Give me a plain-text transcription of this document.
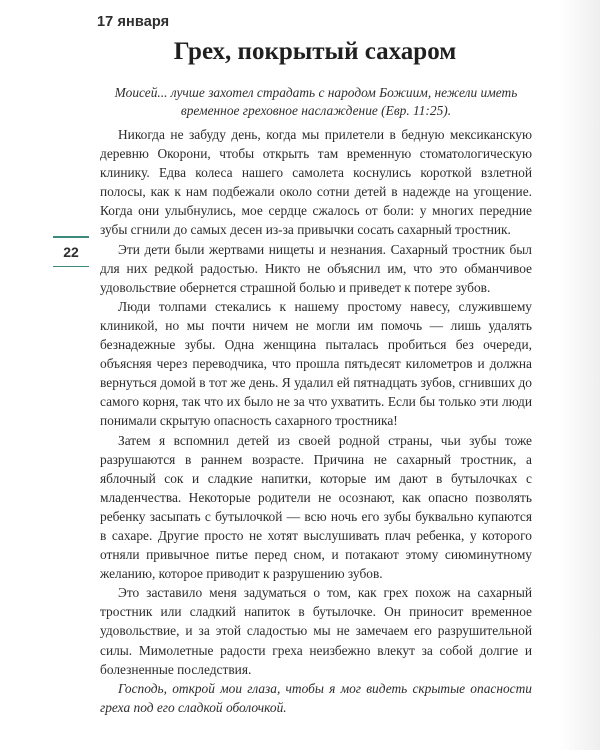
17 января
Грех, покрытый сахаром
Моисей... лучше захотел страдать с народом Божиим, нежели иметь
временное греховное наслаждение (Евр. 11:25).

Никогда не забуду день, когда мы прилетели в бедную мексиканскую деревню Окорони, чтобы открыть там временную стоматологическую клинику. Едва колеса нашего самолета коснулись короткой взлетной полосы, как к нам подбежали около сотни детей в надежде на угощение. Когда они улыбнулись, мое сердце сжалось от боли: у многих передние зубы сгнили до самых десен из-за привычки сосать сахарный тростник.

Эти дети были жертвами нищеты и незнания. Сахарный тростник был для них редкой радостью. Никто не объяснил им, что это обманчивое удовольствие обернется страшной болью и приведет к потере зубов.

Люди толпами стекались к нашему простому навесу, служившему клиникой, но мы почти ничем не могли им помочь — лишь удалять безнадежные зубы. Одна женщина пыталась пробиться без очереди, объясняя через переводчика, что прошла пятьдесят километров и должна вернуться домой в тот же день. Я удалил ей пятнадцать зубов, сгнивших до самого корня, так что их было не за что ухватить. Если бы только эти люди понимали скрытую опасность сахарного тростника!

Затем я вспомнил детей из своей родной страны, чьи зубы тоже разрушаются в раннем возрасте. Причина не сахарный тростник, а яблочный сок и сладкие напитки, которые им дают в бутылочках с младенчества. Некоторые родители не осознают, как опасно позволять ребенку засыпать с бутылочкой — всю ночь его зубы буквально купаются в сахаре. Другие просто не хотят выслушивать плач ребенка, у которого отняли привычное питье перед сном, и потакают этому сиюминутному желанию, которое приводит к разрушению зубов.

Это заставило меня задуматься о том, как грех похож на сахарный тростник или сладкий напиток в бутылочке. Он приносит временное удовольствие, и за этой сладостью мы не замечаем его разрушительной силы. Мимолетные радости греха неизбежно влекут за собой долгие и болезненные последствия.

Господь, открой мои глаза, чтобы я мог видеть скрытые опасности греха под его сладкой оболочкой.

22
